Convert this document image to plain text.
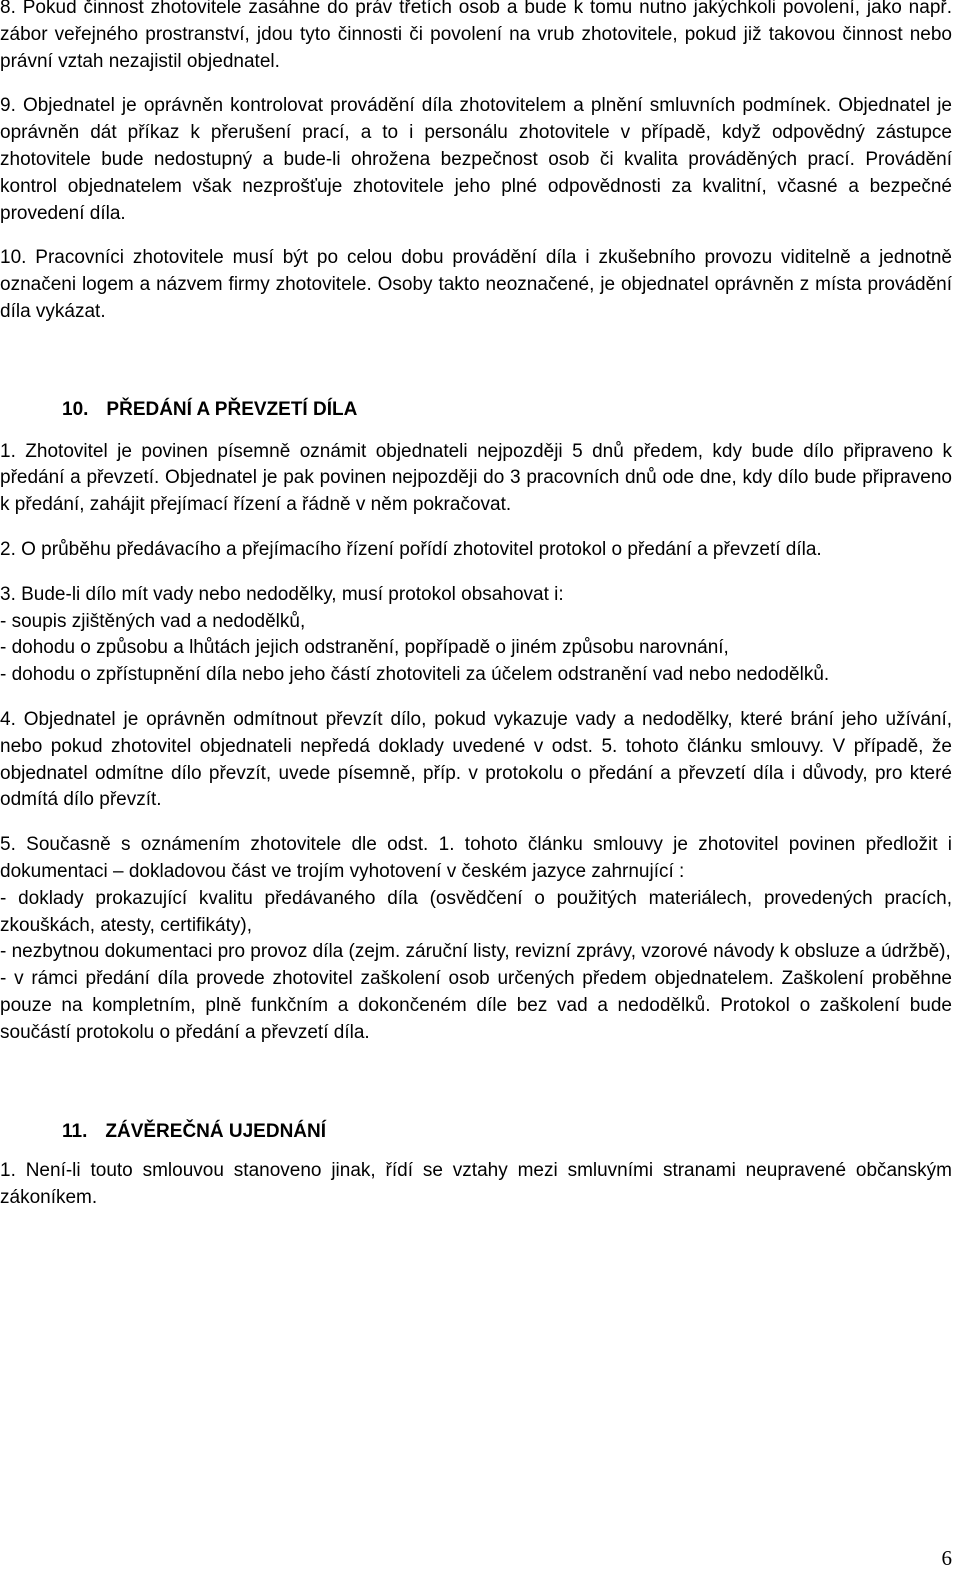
8. Pokud činnost zhotovitele zasáhne do práv třetích osob a bude k tomu nutno jakýchkoli povolení, jako např. zábor veřejného prostranství, jdou tyto činnosti či povolení na vrub zhotovitele, pokud již takovou činnost nebo právní vztah nezajistil objednatel.

9. Objednatel je oprávněn kontrolovat provádění díla zhotovitelem a plnění smluvních podmínek. Objednatel je oprávněn dát příkaz k přerušení prací, a to i personálu zhotovitele v případě, když odpovědný zástupce zhotovitele bude nedostupný a bude-li ohrožena bezpečnost osob či kvalita prováděných prací. Provádění kontrol objednatelem však nezprošťuje zhotovitele jeho plné odpovědnosti za kvalitní, včasné a bezpečné provedení díla.

10. Pracovníci zhotovitele musí být po celou dobu provádění díla i zkušebního provozu viditelně a jednotně označeni logem a názvem firmy zhotovitele. Osoby takto neoznačené, je objednatel oprávněn z místa provádění díla vykázat.

10. PŘEDÁNÍ A PŘEVZETÍ DÍLA

1. Zhotovitel je povinen písemně oznámit objednateli nejpozději 5 dnů předem, kdy bude dílo připraveno k předání a převzetí. Objednatel je pak povinen nejpozději do 3 pracovních dnů ode dne, kdy dílo bude připraveno k předání, zahájit přejímací řízení a řádně v něm pokračovat.

2. O průběhu předávacího a přejímacího řízení pořídí zhotovitel protokol o předání a převzetí díla.

3. Bude-li dílo mít vady nebo nedodělky, musí protokol obsahovat i:

- soupis zjištěných vad a nedodělků,

- dohodu o způsobu a lhůtách jejich odstranění, popřípadě o jiném způsobu narovnání,

- dohodu o zpřístupnění díla nebo jeho částí zhotoviteli za účelem odstranění vad nebo nedodělků.

4. Objednatel je oprávněn odmítnout převzít dílo, pokud vykazuje vady a nedodělky, které brání jeho užívání, nebo pokud zhotovitel objednateli nepředá doklady uvedené v odst. 5. tohoto článku smlouvy. V případě, že objednatel odmítne dílo převzít, uvede písemně, příp. v protokolu o předání a převzetí díla i důvody, pro které odmítá dílo převzít.

5. Současně s oznámením zhotovitele dle odst. 1. tohoto článku smlouvy je zhotovitel povinen předložit i dokumentaci – dokladovou část ve trojím vyhotovení v českém jazyce zahrnující :

- doklady prokazující kvalitu předávaného díla (osvědčení o použitých materiálech, provedených pracích, zkouškách, atesty, certifikáty),

- nezbytnou dokumentaci pro provoz díla (zejm. záruční listy, revizní zprávy, vzorové návody k obsluze a údržbě),

- v rámci předání díla provede zhotovitel zaškolení osob určených předem objednatelem. Zaškolení proběhne pouze na kompletním, plně funkčním a dokončeném díle bez vad a nedodělků. Protokol o zaškolení bude součástí protokolu o předání a převzetí díla.

11. ZÁVĚREČNÁ UJEDNÁNÍ

1. Není-li touto smlouvou stanoveno jinak, řídí se vztahy mezi smluvními stranami neupravené občanským zákoníkem.

6
